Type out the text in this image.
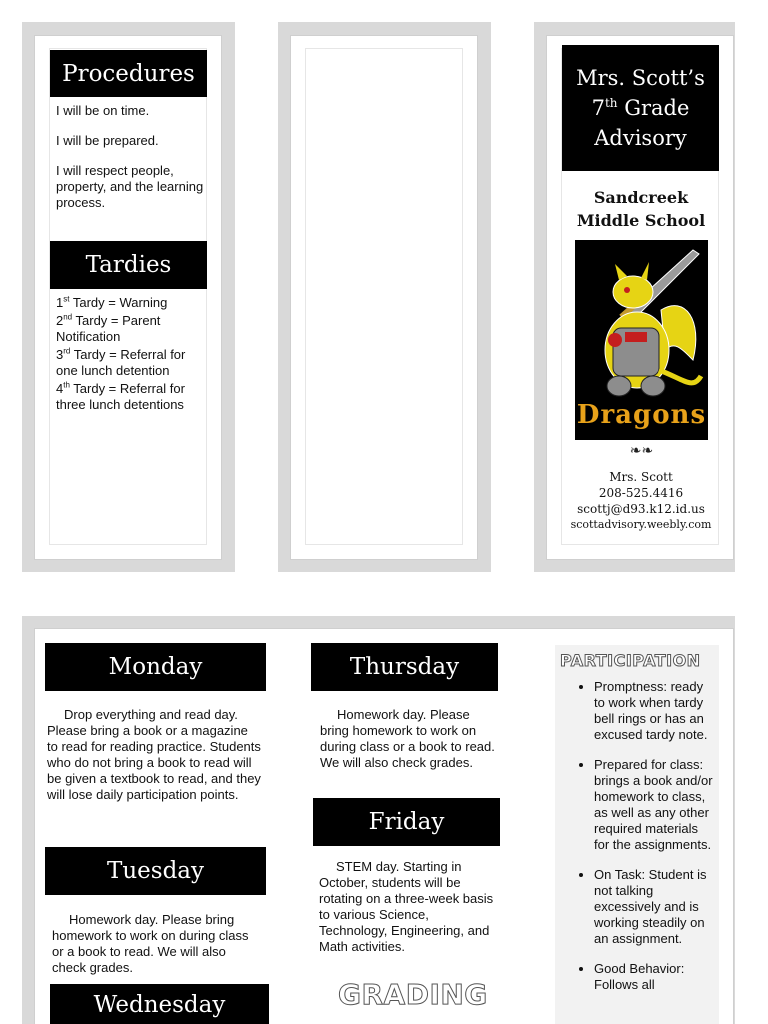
Procedures

I will be on time.

I will be prepared.

I will respect people, property, and the learning process.

Tardies
1st Tardy = Warning
2nd Tardy = Parent Notification
3rd Tardy = Referral for one lunch detention
4th Tardy = Referral for three lunch detentions
Mrs. Scott’s
7th Grade
Advisory
Sandcreek
Middle School
Dragons
❧❧
Mrs. Scott
208-525.4416
scottj@d93.k12.id.us
scottadvisory.weebly.com
Monday
Drop everything and read day. Please bring a book or a magazine to read for reading practice. Students who do not bring a book to read will be given a textbook to read, and they will lose daily participation points.
Tuesday
Homework day. Please bring homework to work on during class or a book to read. We will also check grades.
Wednesday
Thursday
Homework day. Please bring homework to work on during class or a book to read. We will also check grades.
Friday
STEM day. Starting in October, students will be rotating on a three-week basis to various Science, Technology, Engineering, and Math activities.
GRADING
PARTICIPATION
• Promptness: ready to work when tardy bell rings or has an excused tardy note.
• Prepared for class: brings a book and/or homework to class, as well as any other required materials for the assignments.
• On Task: Student is not talking excessively and is working steadily on an assignment.
• Good Behavior: Follows all
